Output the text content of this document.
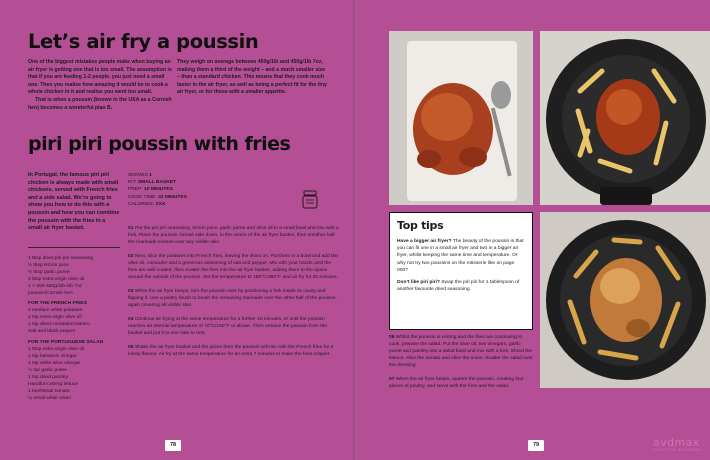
Let’s air fry a poussin

One of the biggest mistakes people make when buying an air fryer is getting one that is too small. The assumption is that if you are feeding 1-2 people, you just need a small one. Then you realise how amazing it would be to cook a whole chicken in it and realise you went too small.

That is when a poussin (known in the USA as a Cornish hen) becomes a wonderful plan B.

They weigh on average between 450g/1lb and 450g/1lb 7oz, making them a third of the weight – and a much smaller size – than a standard chicken. This means that they cook much faster in the air fryer, as well as being a perfect fit for the tiny air fryer, or for those with a smaller appetite.

piri piri poussin with fries
In Portugal, the famous piri piri chicken is always made with small chickens, served with French fries and a side salad. We’re going to show you how to do this with a poussin and how you can combine the poussin with the fries in a small air fryer basket.
SERVES 1
KIT: SMALL BASKET
PREP: 10 MINUTES
COOK TIME: 42 MINUTES
CALORIES: XXX
1 tbsp dried piri piri seasoning
½ tbsp lemon juice
½ tbsp garlic puree
2 tbsp extra virgin olive oil
1 × 450-450g/1lb-1lb 7oz
poussin/Cornish hen
FOR THE FRENCH FRIES
2 medium white potatoes
2 tsp extra virgin olive oil
1 tsp dried coriander/cilantro
Salt and black pepper
FOR THE PORTUGUESE SALAD
1 tbsp extra virgin olive oil
1 tsp balsamic vinegar
1 tsp white wine vinegar
½ tsp garlic puree
1 tsp dried parsley
Handful iceberg lettuce
1 beefsteak tomato
¼ small white onion

01 Put the piri piri seasoning, lemon juice, garlic puree and olive oil in a small bowl and mix with a fork. Place the poussin, breast side down, in the centre of the air fryer basket, then smother half the marinade mixture over any visible skin.

02 Next, slice the potatoes into French fries, leaving the skins on. Put them in a bowl and add the olive oil, coriander and a generous seasoning of salt and pepper. Mix with your hands until the fries are well coated, then scatter the fries into the air fryer basket, adding them to the space around the outside of the poussin. Set the temperature to 180°C/360°F and air fry for 20 minutes.

03 When the air fryer beeps, turn the poussin over by positioning a fork inside its cavity and flipping it. Use a pastry brush to brush the remaining marinade over the other half of the poussin, again covering all visible skin.

04 Continue air frying at the same temperature for a further 15 minutes, or until the poussin reaches an internal temperature of 70°C/160°F or above. Then remove the poussin from the basket and put it to one side to rest.

05 Shake the air fryer basket and the juices from the poussin will mix with the French fries for a lovely flavour. Air fry at the same temperature for an extra 7 minutes to make the fries crispier.

78
Top tips

Have a bigger air fryer? The beauty of the poussin is that you can fit one in a small air fryer and two in a bigger air fryer, whilst keeping the same time and temperature. Or why not try two poussins on the rotisserie like on page 000?

Don’t like piri piri? Swap the piri piri for 1 tablespoon of another favourite dried seasoning.

06 Whilst the poussin is resting and the fries are continuing to cook, prepare the salad. Put the olive oil, two vinegars, garlic puree and parsley into a salad bowl and mix with a fork. Shred the lettuce, slice the tomato and slice the onion. Scatter the salad over the dressing.

07 When the air fryer beeps, quarter the poussin, creating four pieces of poultry, and serve with the fries and the salad.

79	avdmax
BOOKS FOR BEGINNERS
